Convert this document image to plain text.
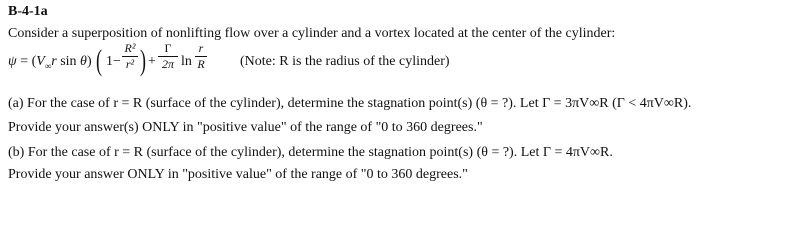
B-4-1a
Consider a superposition of nonlifting flow over a cylinder and a vortex located at the center of the cylinder:
$\psi = (V_\infty r$ sin θ) ( 1−
R²
r² ) +
Γ
2π ln
r
R	(Note: R is the radius of the cylinder)
(a) For the case of r = R (surface of the cylinder), determine the stagnation point(s) (θ = ?). Let Γ = 3πV∞R (Γ < 4πV∞R).
Provide your answer(s) ONLY in "positive value" of the range of "0 to 360 degrees."
(b) For the case of r = R (surface of the cylinder), determine the stagnation point(s) (θ = ?). Let Γ = 4πV∞R.
Provide your answer ONLY in "positive value" of the range of "0 to 360 degrees."
